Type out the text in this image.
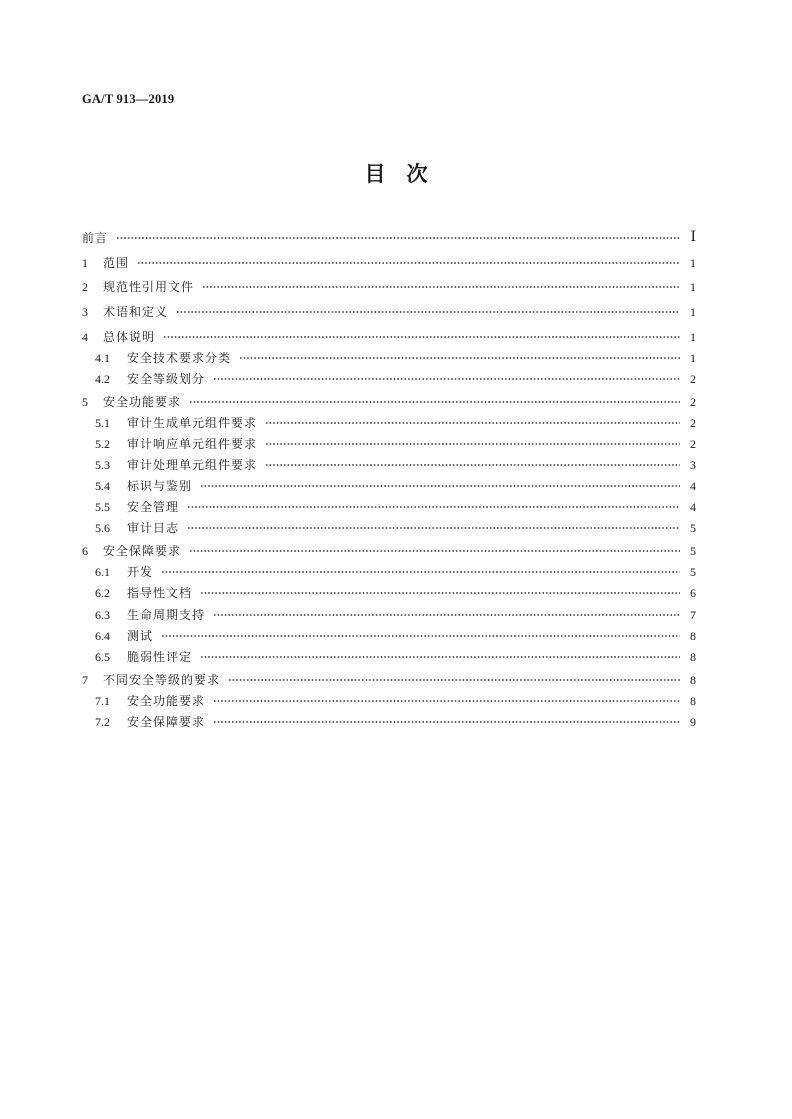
GA/T 913—2019
目　次
前言	Ⅰ
1	范围	1
2	规范性引用文件	1
3	术语和定义	1
4	总体说明	1
4.1	安全技术要求分类	1
4.2	安全等级划分	2
5	安全功能要求	2
5.1	审计生成单元组件要求	2
5.2	审计响应单元组件要求	2
5.3	审计处理单元组件要求	3
5.4	标识与鉴别	4
5.5	安全管理	4
5.6	审计日志	5
6	安全保障要求	5
6.1	开发	5
6.2	指导性文档	6
6.3	生命周期支持	7
6.4	测试	8
6.5	脆弱性评定	8
7	不同安全等级的要求	8
7.1	安全功能要求	8
7.2	安全保障要求	9
